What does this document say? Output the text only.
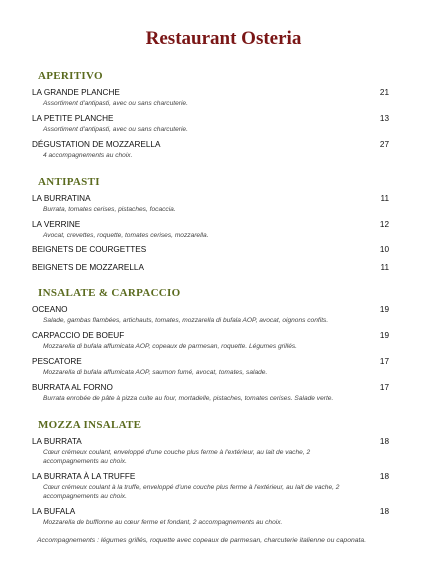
Restaurant Osteria
APERITIVO
LA GRANDE PLANCHE	21
Assortiment d'antipasti, avec ou sans charcuterie.
LA PETITE PLANCHE	13
Assortiment d'antipasti, avec ou sans charcuterie.
DÉGUSTATION DE MOZZARELLA	27
4 accompagnements au choix.
ANTIPASTI
LA BURRATINA	11
Burrata, tomates cerises, pistaches, focaccia.
LA VERRINE	12
Avocat, crevettes, roquette, tomates cerises, mozzarella.
BEIGNETS DE COURGETTES	10
BEIGNETS DE MOZZARELLA	11
INSALATE & CARPACCIO
OCEANO	19
Salade, gambas flambées, artichauts, tomates, mozzarella di bufala AOP, avocat, oignons confits.
CARPACCIO DE BOEUF	19
Mozzarella di bufala affumicata AOP, copeaux de parmesan, roquette. Légumes grillés.
PESCATORE	17
Mozzarella di bufala affumicata AOP, saumon fumé, avocat, tomates, salade.
BURRATA AL FORNO	17
Burrata enrobée de pâte à pizza cuite au four, mortadelle, pistaches, tomates cerises. Salade verte.
MOZZA INSALATE
LA BURRATA	18
Cœur crémeux coulant, enveloppé d'une couche plus ferme à l'extérieur, au lait de vache, 2 accompagnements au choix.
LA BURRATA À LA TRUFFE	18
Cœur crémeux coulant à la truffe, enveloppé d'une couche plus ferme à l'extérieur, au lait de vache, 2 accompagnements au choix.
LA BUFALA	18
Mozzarella de bufflonne au cœur ferme et fondant, 2 accompagnements au choix.
Accompagnements : légumes grillés, roquette avec copeaux de parmesan, charcuterie italienne ou caponata.
